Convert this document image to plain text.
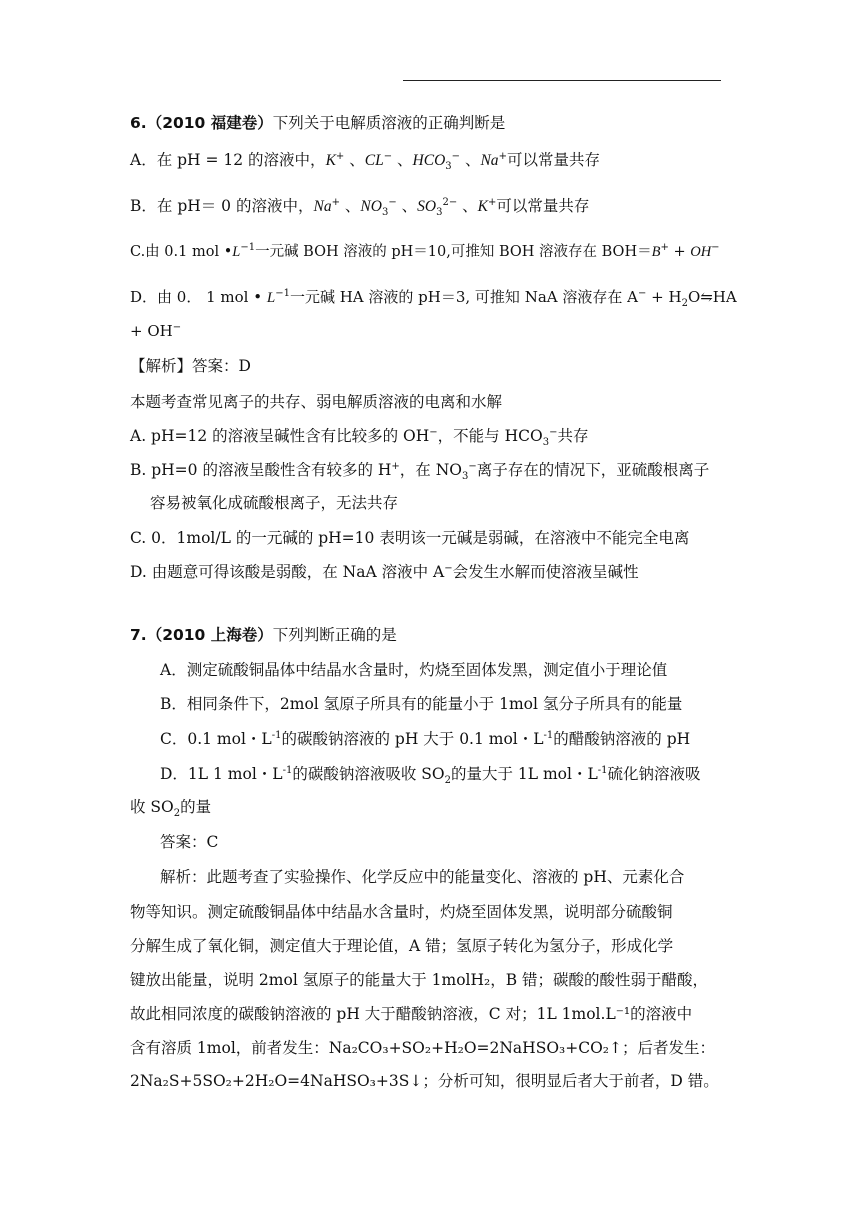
6.（2010 福建卷）下列关于电解质溶液的正确判断是
A．在 pH = 12 的溶液中，K+ 、CL− 、$HCO_3^-$ 、Na+可以常量共存
B．在 pH＝ 0 的溶液中，Na+ 、$NO_3^-$ 、$SO_3^{2-}$ 、K+可以常量共存
C.由 0.1 mol $•L^{-1}$一元碱 BOH 溶液的 pH＝10,可推知 BOH 溶液存在 BOH＝B+ + OH−
D．由 0． 1 mol • $L^{-1}$一元碱 HA 溶液的 pH＝3, 可推知 NaA 溶液存在 $A^- + H_2O⇋HA$
+ OH−
【解析】答案：D
本题考查常见离子的共存、弱电解质溶液的电离和水解
A. pH=12 的溶液呈碱性含有比较多的 OH−，不能与 $HCO_3^-$共存
B. pH=0 的溶液呈酸性含有较多的 H+，在 $NO_3^-$离子存在的情况下，亚硫酸根离子
容易被氧化成硫酸根离子，无法共存
C. 0．1mol/L 的一元碱的 pH=10 表明该一元碱是弱碱，在溶液中不能完全电离
D. 由题意可得该酸是弱酸，在 NaA 溶液中 A−会发生水解而使溶液呈碱性
7.（2010 上海卷）下列判断正确的是
A．测定硫酸铜晶体中结晶水含量时，灼烧至固体发黑，测定值小于理论值
B．相同条件下，2mol 氢原子所具有的能量小于 1mol 氢分子所具有的能量
C．0.1 mol・$L^{-1}$的碳酸钠溶液的 pH 大于 0.1 mol・$L^{-1}$的醋酸钠溶液的 pH
D．1L 1 mol・$L^{-1}$的碳酸钠溶液吸收 $SO_2$的量大于 1L mol・$L^{-1}$硫化钠溶液吸
收 $SO_2$的量
答案：C
解析：此题考查了实验操作、化学反应中的能量变化、溶液的 pH、元素化合
物等知识。测定硫酸铜晶体中结晶水含量时，灼烧至固体发黑，说明部分硫酸铜
分解生成了氧化铜，测定值大于理论值，A 错；氢原子转化为氢分子，形成化学
键放出能量，说明 2mol 氢原子的能量大于 1molH₂，B 错；碳酸的酸性弱于醋酸，
故此相同浓度的碳酸钠溶液的 pH 大于醋酸钠溶液，C 对；1L 1mol.L⁻¹的溶液中
含有溶质 1mol，前者发生：Na₂CO₃+SO₂+H₂O=2NaHSO₃+CO₂↑；后者发生：
2Na₂S+5SO₂+2H₂O=4NaHSO₃+3S↓；分析可知，很明显后者大于前者，D 错。
